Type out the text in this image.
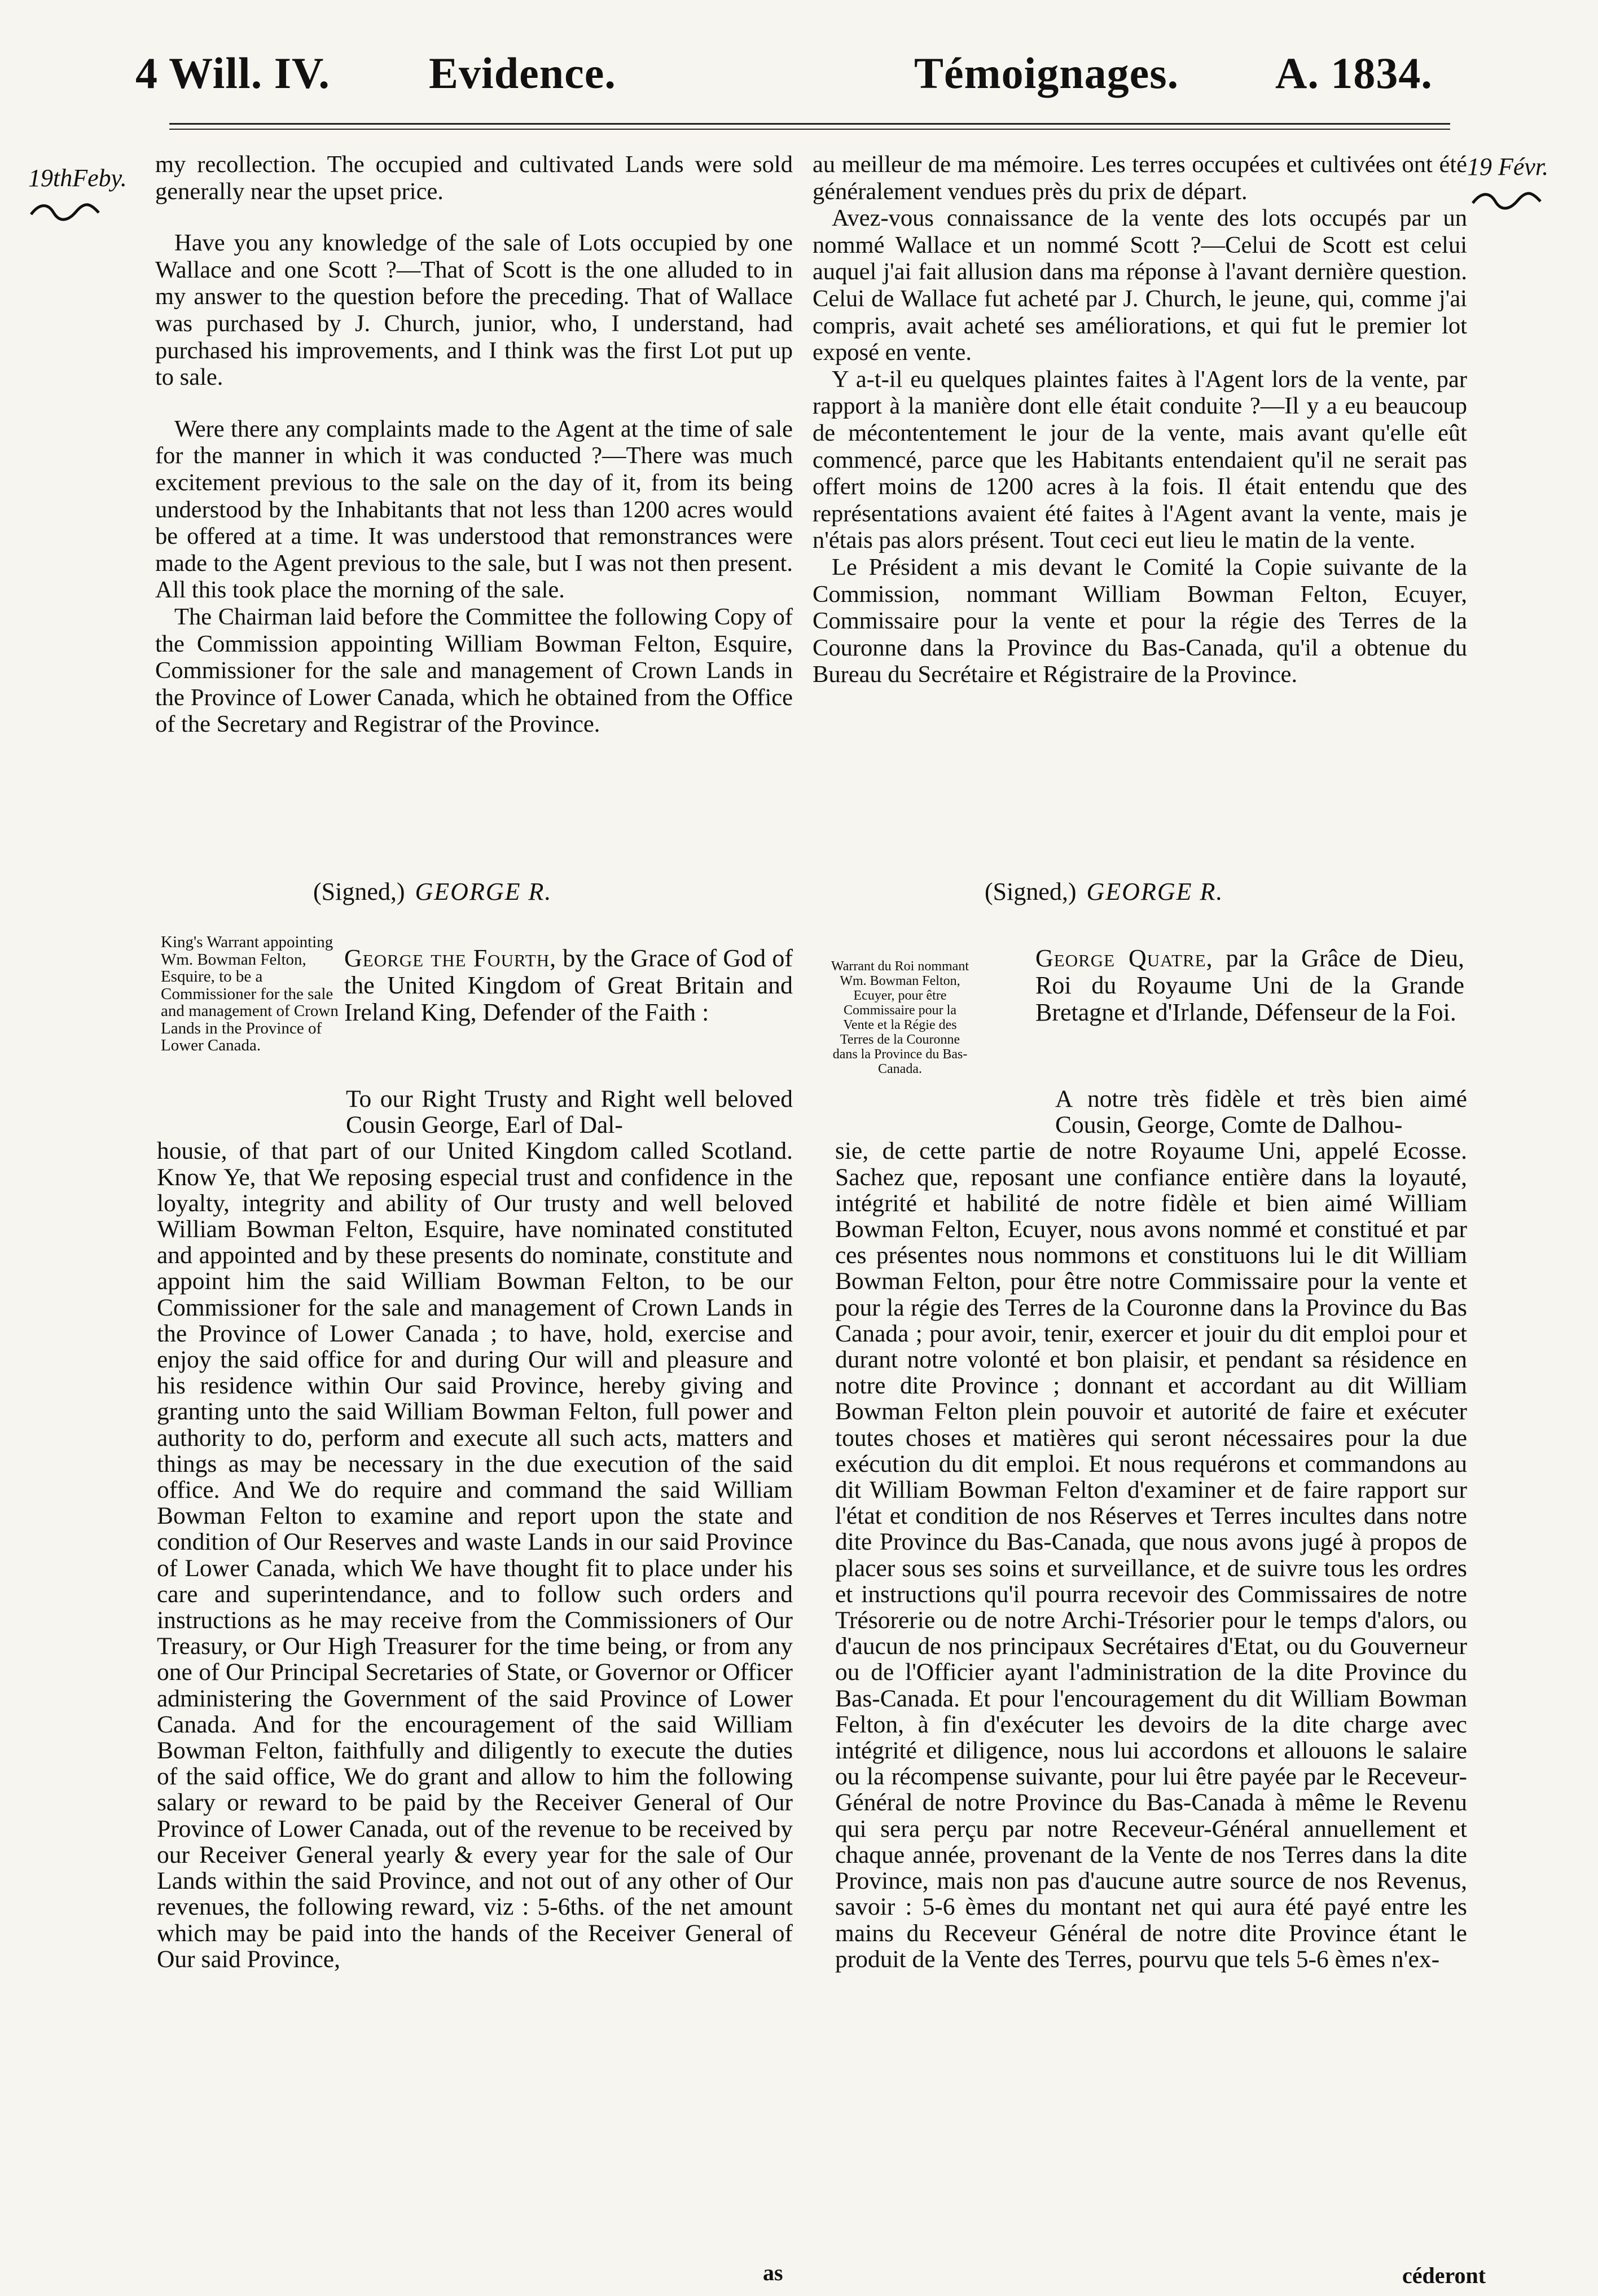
4 Will. IV. Evidence.	Témoignages. A. 1834.
19thFeby.	19 Févr.

my recollection. The occupied and cultivated Lands were sold generally near the upset price.

Have you any knowledge of the sale of Lots occupied by one Wallace and one Scott ?—That of Scott is the one alluded to in my answer to the question before the preceding. That of Wallace was purchased by J. Church, junior, who, I understand, had purchased his improvements, and I think was the first Lot put up to sale.

Were there any complaints made to the Agent at the time of sale for the manner in which it was conducted ?—There was much excitement previous to the sale on the day of it, from its being understood by the Inhabitants that not less than 1200 acres would be offered at a time. It was understood that remonstrances were made to the Agent previous to the sale, but I was not then present. All this took place the morning of the sale.

The Chairman laid before the Committee the following Copy of the Commission appointing William Bowman Felton, Esquire, Commissioner for the sale and management of Crown Lands in the Province of Lower Canada, which he obtained from the Office of the Secretary and Registrar of the Province.

au meilleur de ma mémoire. Les terres occupées et cultivées ont été généralement vendues près du prix de départ.

Avez-vous connaissance de la vente des lots occupés par un nommé Wallace et un nommé Scott ?—Celui de Scott est celui auquel j'ai fait allusion dans ma réponse à l'avant dernière question. Celui de Wallace fut acheté par J. Church, le jeune, qui, comme j'ai compris, avait acheté ses améliorations, et qui fut le premier lot exposé en vente.

Y a-t-il eu quelques plaintes faites à l'Agent lors de la vente, par rapport à la manière dont elle était conduite ?—Il y a eu beaucoup de mécontentement le jour de la vente, mais avant qu'elle eût commencé, parce que les Habitants entendaient qu'il ne serait pas offert moins de 1200 acres à la fois. Il était entendu que des représentations avaient été faites à l'Agent avant la vente, mais je n'étais pas alors présent. Tout ceci eut lieu le matin de la vente.

Le Président a mis devant le Comité la Copie suivante de la Commission, nommant William Bowman Felton, Ecuyer, Commissaire pour la vente et pour la régie des Terres de la Couronne dans la Province du Bas-Canada, qu'il a obtenue du Bureau du Secrétaire et Régistraire de la Province.

(Signed,) GEORGE R.	(Signed,) GEORGE R.
King's Warrant appointing Wm. Bowman Felton, Esquire, to be a Commissioner for the sale and management of Crown Lands in the Province of Lower Canada.
Warrant du Roi nommant Wm. Bowman Felton, Ecuyer, pour être Commissaire pour la Vente et la Régie des Terres de la Couronne dans la Province du Bas-Canada.
George the Fourth, by the Grace of God of the United Kingdom of Great Britain and Ireland King, Defender of the Faith :
George Quatre, par la Grâce de Dieu, Roi du Royaume Uni de la Grande Bretagne et d'Irlande, Défenseur de la Foi.

To our Right Trusty and Right well beloved Cousin George, Earl of Dal-
housie, of that part of our United Kingdom called Scotland. Know Ye, that We reposing especial trust and confidence in the loyalty, integrity and ability of Our trusty and well beloved William Bowman Felton, Esquire, have nominated constituted and appointed and by these presents do nominate, constitute and appoint him the said William Bowman Felton, to be our Commissioner for the sale and management of Crown Lands in the Province of Lower Canada ; to have, hold, exercise and enjoy the said office for and during Our will and pleasure and his residence within Our said Province, hereby giving and granting unto the said William Bowman Felton, full power and authority to do, perform and execute all such acts, matters and things as may be necessary in the due execution of the said office. And We do require and command the said William Bowman Felton to examine and report upon the state and condition of Our Reserves and waste Lands in our said Province of Lower Canada, which We have thought fit to place under his care and superintendance, and to follow such orders and instructions as he may receive from the Commissioners of Our Treasury, or Our High Treasurer for the time being, or from any one of Our Principal Secretaries of State, or Governor or Officer administering the Government of the said Province of Lower Canada. And for the encouragement of the said William Bowman Felton, faithfully and diligently to execute the duties of the said office, We do grant and allow to him the following salary or reward to be paid by the Receiver General of Our Province of Lower Canada, out of the revenue to be received by our Receiver General yearly & every year for the sale of Our Lands within the said Province, and not out of any other of Our revenues, the following reward, viz : 5-6ths. of the net amount which may be paid into the hands of the Receiver General of Our said Province,

A notre très fidèle et très bien aimé Cousin, George, Comte de Dalhou-
sie, de cette partie de notre Royaume Uni, appelé Ecosse. Sachez que, reposant une confiance entière dans la loyauté, intégrité et habilité de notre fidèle et bien aimé William Bowman Felton, Ecuyer, nous avons nommé et constitué et par ces présentes nous nommons et constituons lui le dit William Bowman Felton, pour être notre Commissaire pour la vente et pour la régie des Terres de la Couronne dans la Province du Bas Canada ; pour avoir, tenir, exercer et jouir du dit emploi pour et durant notre volonté et bon plaisir, et pendant sa résidence en notre dite Province ; donnant et accordant au dit William Bowman Felton plein pouvoir et autorité de faire et exécuter toutes choses et matières qui seront nécessaires pour la due exécution du dit emploi. Et nous requérons et commandons au dit William Bowman Felton d'examiner et de faire rapport sur l'état et condition de nos Réserves et Terres incultes dans notre dite Province du Bas-Canada, que nous avons jugé à propos de placer sous ses soins et surveillance, et de suivre tous les ordres et instructions qu'il pourra recevoir des Commissaires de notre Trésorerie ou de notre Archi-Trésorier pour le temps d'alors, ou d'aucun de nos principaux Secrétaires d'Etat, ou du Gouverneur ou de l'Officier ayant l'administration de la dite Province du Bas-Canada. Et pour l'encouragement du dit William Bowman Felton, à fin d'exécuter les devoirs de la dite charge avec intégrité et diligence, nous lui accordons et allouons le salaire ou la récompense suivante, pour lui être payée par le Receveur-Général de notre Province du Bas-Canada à même le Revenu qui sera perçu par notre Receveur-Général annuellement et chaque année, provenant de la Vente de nos Terres dans la dite Province, mais non pas d'aucune autre source de nos Revenus, savoir : 5-6 èmes du montant net qui aura été payé entre les mains du Receveur Général de notre dite Province étant le produit de la Vente des Terres, pourvu que tels 5-6 èmes n'ex-

as	céderont
